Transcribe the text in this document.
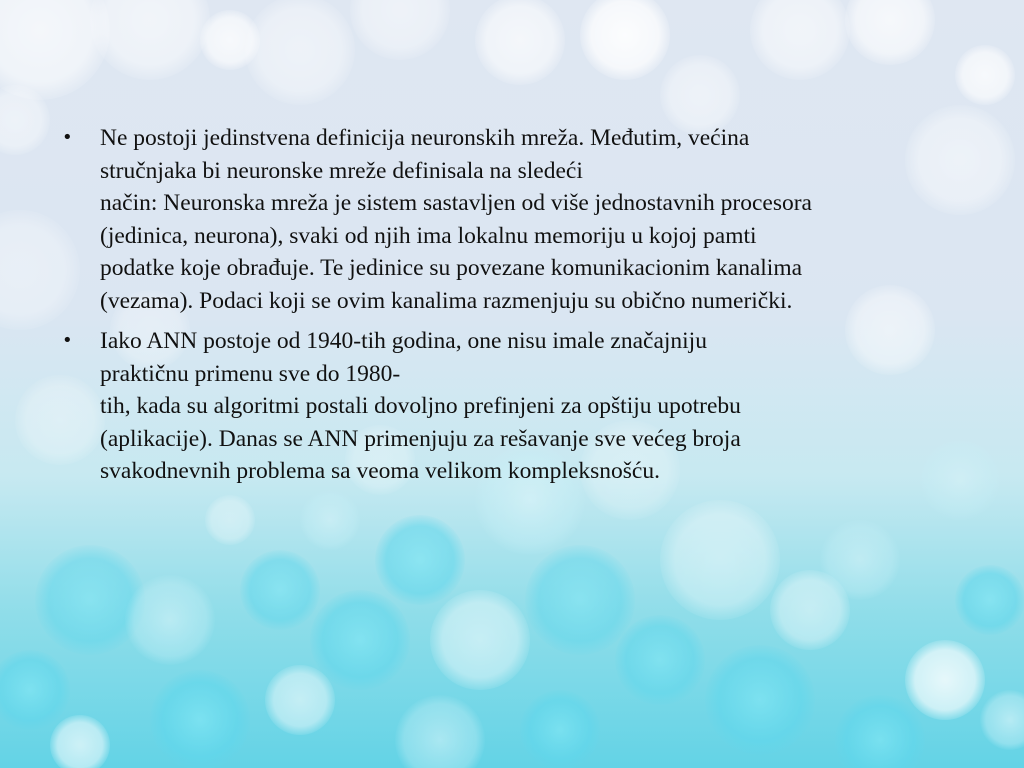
• Ne postoji jedinstvena definicija neuronskih mreža. Međutim, većina
stručnjaka bi neuronske mreže definisala na sledeći
način: Neuronska mreža je sistem sastavljen od više jednostavnih procesora
(jedinica, neurona), svaki od njih ima lokalnu memoriju u kojoj pamti
podatke koje obrađuje. Te jedinice su povezane komunikacionim kanalima
(vezama). Podaci koji se ovim kanalima razmenjuju su obično numerički.
• Iako ANN postoje od 1940-tih godina, one nisu imale značajniju
praktičnu primenu sve do 1980-
tih, kada su algoritmi postali dovoljno prefinjeni za opštiju upotrebu
(aplikacije). Danas se ANN primenjuju za rešavanje sve većeg broja
svakodnevnih problema sa veoma velikom kompleksnošću.
